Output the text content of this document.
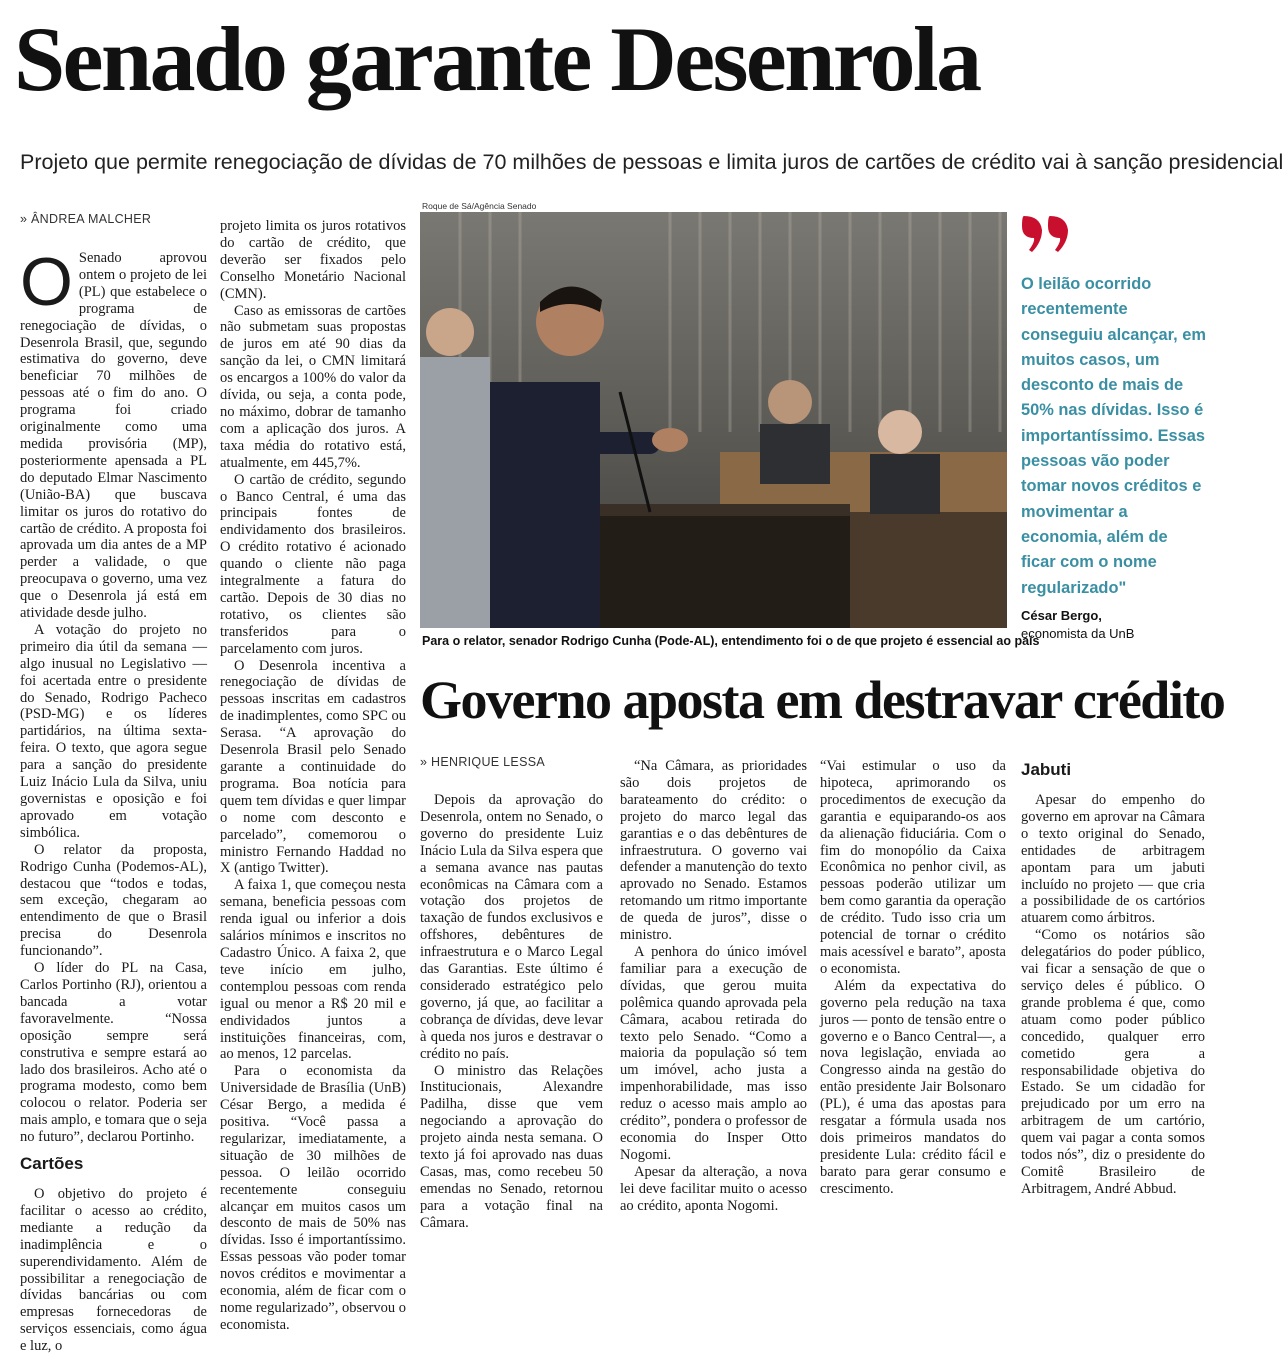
Senado garante Desenrola
Projeto que permite renegociação de dívidas de 70 milhões de pessoas e limita juros de cartões de crédito vai à sanção presidencial
» ÂNDREA MALCHER
O Senado aprovou ontem o projeto de lei (PL) que estabelece o programa de renegociação de dívidas, o Desenrola Brasil, que, segundo estimativa do governo, deve beneficiar 70 milhões de pessoas até o fim do ano. O programa foi criado originalmente como uma medida provisória (MP), posteriormente apensada a PL do deputado Elmar Nascimento (União-BA) que buscava limitar os juros do rotativo do cartão de crédito. A proposta foi aprovada um dia antes de a MP perder a validade, o que preocupava o governo, uma vez que o Desenrola já está em atividade desde julho.

A votação do projeto no primeiro dia útil da semana — algo inusual no Legislativo — foi acertada entre o presidente do Senado, Rodrigo Pacheco (PSD-MG) e os líderes partidários, na última sexta-feira. O texto, que agora segue para a sanção do presidente Luiz Inácio Lula da Silva, uniu governistas e oposição e foi aprovado em votação simbólica.

O relator da proposta, Rodrigo Cunha (Podemos-AL), destacou que “todos e todas, sem exceção, chegaram ao entendimento de que o Brasil precisa do Desenrola funcionando”.

O líder do PL na Casa, Carlos Portinho (RJ), orientou a bancada a votar favoravelmente. “Nossa oposição sempre será construtiva e sempre estará ao lado dos brasileiros. Acho até o programa modesto, como bem colocou o relator. Poderia ser mais amplo, e tomara que o seja no futuro”, declarou Portinho.

Cartões

O objetivo do projeto é facilitar o acesso ao crédito, mediante a redução da inadimplência e o superendividamento. Além de possibilitar a renegociação de dívidas bancárias ou com empresas fornecedoras de serviços essenciais, como água e luz, o

projeto limita os juros rotativos do cartão de crédito, que deverão ser fixados pelo Conselho Monetário Nacional (CMN).

Caso as emissoras de cartões não submetam suas propostas de juros em até 90 dias da sanção da lei, o CMN limitará os encargos a 100% do valor da dívida, ou seja, a conta pode, no máximo, dobrar de tamanho com a aplicação dos juros. A taxa média do rotativo está, atualmente, em 445,7%.

O cartão de crédito, segundo o Banco Central, é uma das principais fontes de endividamento dos brasileiros. O crédito rotativo é acionado quando o cliente não paga integralmente a fatura do cartão. Depois de 30 dias no rotativo, os clientes são transferidos para o parcelamento com juros.

O Desenrola incentiva a renegociação de dívidas de pessoas inscritas em cadastros de inadimplentes, como SPC ou Serasa. “A aprovação do Desenrola Brasil pelo Senado garante a continuidade do programa. Boa notícia para quem tem dívidas e quer limpar o nome com desconto e parcelado”, comemorou o ministro Fernando Haddad no X (antigo Twitter).

A faixa 1, que começou nesta semana, beneficia pessoas com renda igual ou inferior a dois salários mínimos e inscritos no Cadastro Único. A faixa 2, que teve início em julho, contemplou pessoas com renda igual ou menor a R$ 20 mil e endividados juntos a instituições financeiras, com, ao menos, 12 parcelas.

Para o economista da Universidade de Brasília (UnB) César Bergo, a medida é positiva. “Você passa a regularizar, imediatamente, a situação de 30 milhões de pessoa. O leilão ocorrido recentemente conseguiu alcançar em muitos casos um desconto de mais de 50% nas dívidas. Isso é importantíssimo. Essas pessoas vão poder tomar novos créditos e movimentar a economia, além de ficar com o nome regularizado”, observou o economista.

Roque de Sá/Agência Senado
Para o relator, senador Rodrigo Cunha (Pode-AL), entendimento foi o de que projeto é essencial ao país
O leilão ocorrido recentemente conseguiu alcançar, em muitos casos, um desconto de mais de 50% nas dívidas. Isso é importantíssimo. Essas pessoas vão poder tomar novos créditos e movimentar a economia, além de ficar com o nome regularizado"
César Bergo,
economista da UnB
Governo aposta em destravar crédito
» HENRIQUE LESSA

Depois da aprovação do Desenrola, ontem no Senado, o governo do presidente Luiz Inácio Lula da Silva espera que a semana avance nas pautas econômicas na Câmara com a votação dos projetos de taxação de fundos exclusivos e offshores, debêntures de infraestrutura e o Marco Legal das Garantias. Este último é considerado estratégico pelo governo, já que, ao facilitar a cobrança de dívidas, deve levar à queda nos juros e destravar o crédito no país.

O ministro das Relações Institucionais, Alexandre Padilha, disse que vem negociando a aprovação do projeto ainda nesta semana. O texto já foi aprovado nas duas Casas, mas, como recebeu 50 emendas no Senado, retornou para a votação final na Câmara.

“Na Câmara, as prioridades são dois projetos de barateamento do crédito: o projeto do marco legal das garantias e o das debêntures de infraestrutura. O governo vai defender a manutenção do texto aprovado no Senado. Estamos retomando um ritmo importante de queda de juros”, disse o ministro.

A penhora do único imóvel familiar para a execução de dívidas, que gerou muita polêmica quando aprovada pela Câmara, acabou retirada do texto pelo Senado. “Como a maioria da população só tem um imóvel, acho justa a impenhorabilidade, mas isso reduz o acesso mais amplo ao crédito”, pondera o professor de economia do Insper Otto Nogomi.

Apesar da alteração, a nova lei deve facilitar muito o acesso ao crédito, aponta Nogomi.

“Vai estimular o uso da hipoteca, aprimorando os procedimentos de execução da garantia e equiparando-os aos da alienação fiduciária. Com o fim do monopólio da Caixa Econômica no penhor civil, as pessoas poderão utilizar um bem como garantia da operação de crédito. Tudo isso cria um potencial de tornar o crédito mais acessível e barato”, aposta o economista.

Além da expectativa do governo pela redução na taxa juros — ponto de tensão entre o governo e o Banco Central—, a nova legislação, enviada ao Congresso ainda na gestão do então presidente Jair Bolsonaro (PL), é uma das apostas para resgatar a fórmula usada nos dois primeiros mandatos do presidente Lula: crédito fácil e barato para gerar consumo e crescimento.

Jabuti

Apesar do empenho do governo em aprovar na Câmara o texto original do Senado, entidades de arbitragem apontam para um jabuti incluído no projeto — que cria a possibilidade de os cartórios atuarem como árbitros.

“Como os notários são delegatários do poder público, vai ficar a sensação de que o serviço deles é público. O grande problema é que, como atuam como poder público concedido, qualquer erro cometido gera a responsabilidade objetiva do Estado. Se um cidadão for prejudicado por um erro na arbitragem de um cartório, quem vai pagar a conta somos todos nós”, diz o presidente do Comitê Brasileiro de Arbitragem, André Abbud.
